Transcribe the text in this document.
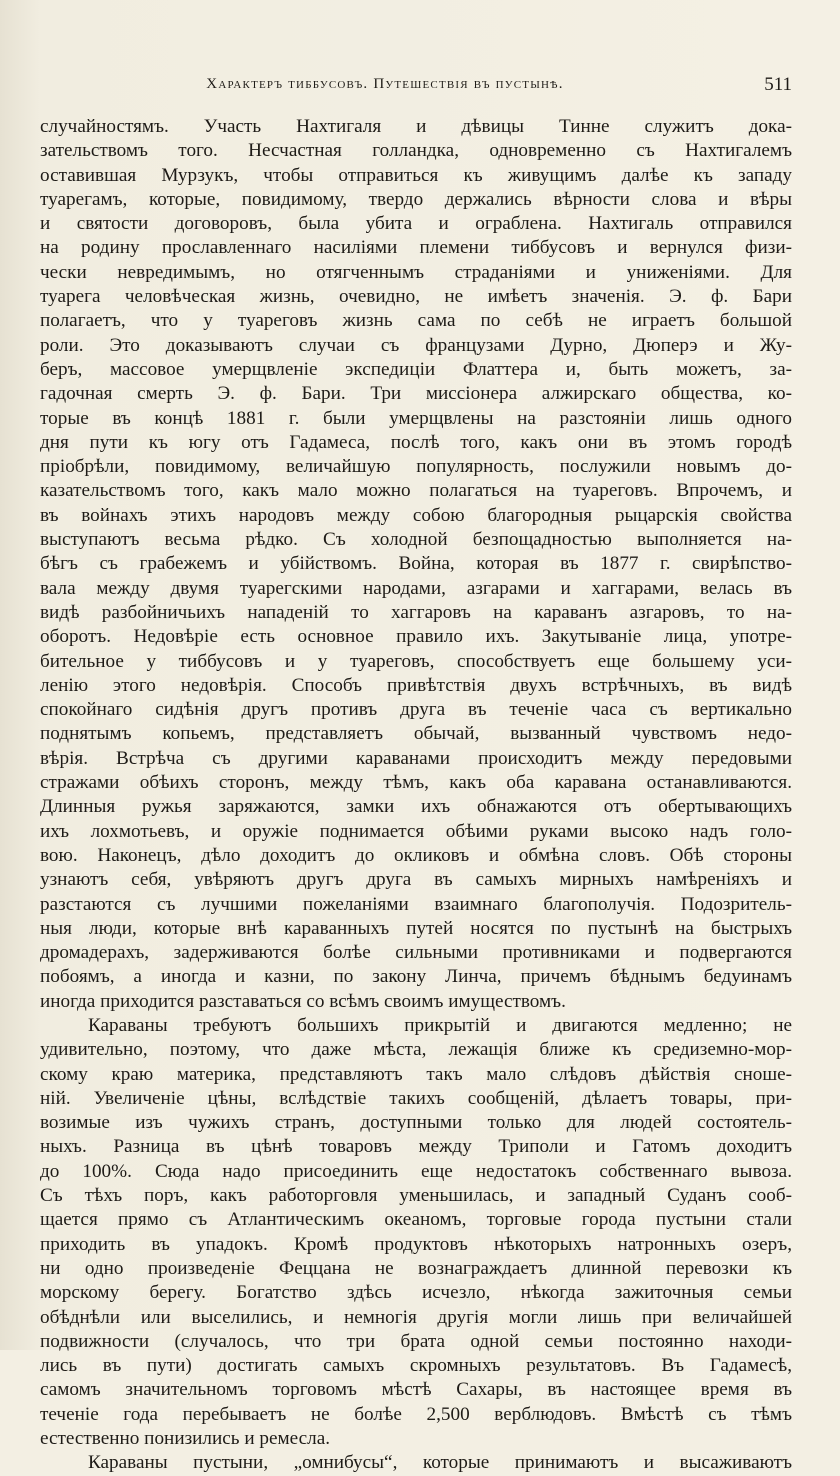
Характеръ тиббусовъ. Путешествія въ пустынѣ.	511
случайностямъ. Участь Нахтигаля и дѣвицы Тинне служитъ дока-
зательствомъ того. Несчастная голландка, одновременно съ Нахтигалемъ
оставившая Мурзукъ, чтобы отправиться къ живущимъ далѣе къ западу
туарегамъ, которые, повидимому, твердо держались вѣрности слова и вѣры
и святости договоровъ, была убита и ограблена. Нахтигаль отправился
на родину прославленнаго насиліями племени тиббусовъ и вернулся физи-
чески невредимымъ, но отягченнымъ страданіями и униженіями. Для
туарега человѣческая жизнь, очевидно, не имѣетъ значенія. Э. ф. Бари
полагаетъ, что у туареговъ жизнь сама по себѣ не играетъ большой
роли. Это доказываютъ случаи съ французами Дурно, Дюперэ и Жу-
беръ, массовое умерщвленіе экспедиціи Флаттера и, быть можетъ, за-
гадочная смерть Э. ф. Бари. Три миссіонера алжирскаго общества, ко-
торые въ концѣ 1881 г. были умерщвлены на разстояніи лишь одного
дня пути къ югу отъ Гадамеса, послѣ того, какъ они въ этомъ городѣ
пріобрѣли, повидимому, величайшую популярность, послужили новымъ до-
казательствомъ того, какъ мало можно полагаться на туареговъ. Впрочемъ, и
въ войнахъ этихъ народовъ между собою благородныя рыцарскія свойства
выступаютъ весьма рѣдко. Съ холодной безпощадностью выполняется на-
бѣгъ съ грабежемъ и убійствомъ. Война, которая въ 1877 г. свирѣпство-
вала между двумя туарегскими народами, азгарами и хаггарами, велась въ
видѣ разбойничьихъ нападеній то хаггаровъ на караванъ азгаровъ, то на-
оборотъ. Недовѣріе есть основное правило ихъ. Закутываніе лица, употре-
бительное у тиббусовъ и у туареговъ, способствуетъ еще большему уси-
ленію этого недовѣрія. Способъ привѣтствія двухъ встрѣчныхъ, въ видѣ
спокойнаго сидѣнія другъ противъ друга въ теченіе часа съ вертикально
поднятымъ копьемъ, представляетъ обычай, вызванный чувствомъ недо-
вѣрія. Встрѣча съ другими караванами происходитъ между передовыми
стражами обѣихъ сторонъ, между тѣмъ, какъ оба каравана останавливаются.
Длинныя ружья заряжаются, замки ихъ обнажаются отъ обертывающихъ
ихъ лохмотьевъ, и оружіе поднимается обѣими руками высоко надъ голо-
вою. Наконецъ, дѣло доходитъ до окликовъ и обмѣна словъ. Обѣ стороны
узнаютъ себя, увѣряютъ другъ друга въ самыхъ мирныхъ намѣреніяхъ и
разстаются съ лучшими пожеланіями взаимнаго благополучія. Подозритель-
ныя люди, которые внѣ караванныхъ путей носятся по пустынѣ на быстрыхъ
дромадерахъ, задерживаются болѣе сильными противниками и подвергаются
побоямъ, а иногда и казни, по закону Линча, причемъ бѣднымъ бедуинамъ
иногда приходится разставаться со всѣмъ своимъ имуществомъ.
Караваны требуютъ большихъ прикрытій и двигаются медленно; не
удивительно, поэтому, что даже мѣста, лежащія ближе къ средиземно-мор-
скому краю материка, представляютъ такъ мало слѣдовъ дѣйствія сноше-
ній. Увеличеніе цѣны, вслѣдствіе такихъ сообщеній, дѣлаетъ товары, при-
возимые изъ чужихъ странъ, доступными только для людей состоятель-
ныхъ. Разница въ цѣнѣ товаровъ между Триполи и Гатомъ доходитъ
до 100%. Сюда надо присоединить еще недостатокъ собственнаго вывоза.
Съ тѣхъ поръ, какъ работорговля уменьшилась, и западный Суданъ сооб-
щается прямо съ Атлантическимъ океаномъ, торговые города пустыни стали
приходить въ упадокъ. Кромѣ продуктовъ нѣкоторыхъ натронныхъ озеръ,
ни одно произведеніе Феццана не вознаграждаетъ длинной перевозки къ
морскому берегу. Богатство здѣсь исчезло, нѣкогда зажиточныя семьи
обѣднѣли или выселились, и немногія другія могли лишь при величайшей
подвижности (случалось, что три брата одной семьи постоянно находи-
лись въ пути) достигать самыхъ скромныхъ результатовъ. Въ Гадамесѣ,
самомъ значительномъ торговомъ мѣстѣ Сахары, въ настоящее время въ
теченіе года перебываетъ не болѣе 2,500 верблюдовъ. Вмѣстѣ съ тѣмъ
естественно понизились и ремесла.
Караваны пустыни, „омнибусы“, которые принимаютъ и высаживаютъ
